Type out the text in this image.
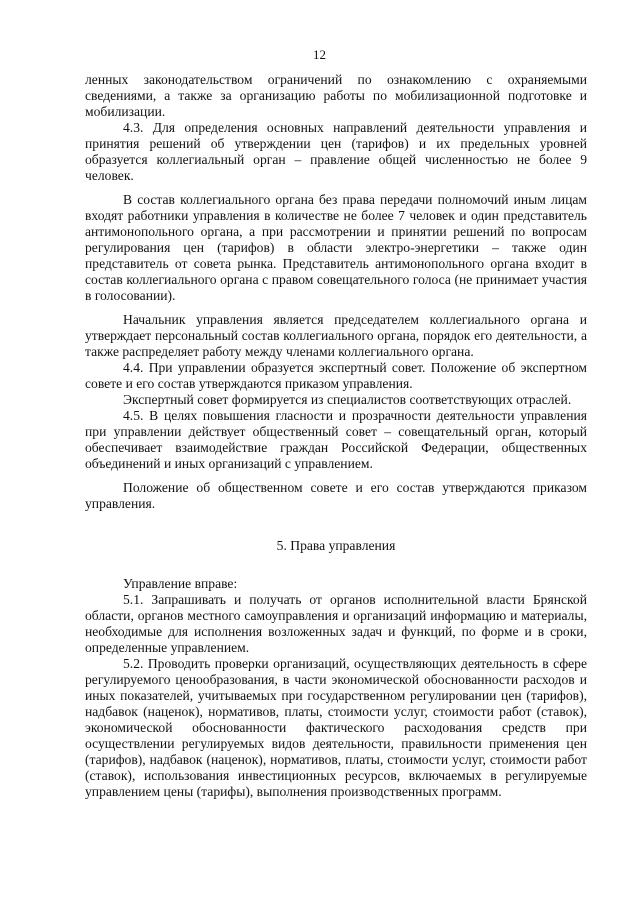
12

ленных законодательством ограничений по ознакомлению с охраняемыми сведениями, а также за организацию работы по мобилизационной подготовке и мобилизации.

4.3. Для определения основных направлений деятельности управления и принятия решений об утверждении цен (тарифов) и их предельных уровней образуется коллегиальный орган – правление общей численностью не более 9 человек.

В состав коллегиального органа без права передачи полномочий иным лицам входят работники управления в количестве не более 7 человек и один представитель антимонопольного органа, а при рассмотрении и принятии решений по вопросам регулирования цен (тарифов) в области электро-энергетики – также один представитель от совета рынка. Представитель антимонопольного органа входит в состав коллегиального органа с правом совещательного голоса (не принимает участия в голосовании).

Начальник управления является председателем коллегиального органа и утверждает персональный состав коллегиального органа, порядок его деятельности, а также распределяет работу между членами коллегиального органа.

4.4. При управлении образуется экспертный совет. Положение об экспертном совете и его состав утверждаются приказом управления.

Экспертный совет формируется из специалистов соответствующих отраслей.

4.5. В целях повышения гласности и прозрачности деятельности управления при управлении действует общественный совет – совещательный орган, который обеспечивает взаимодействие граждан Российской Федерации, общественных объединений и иных организаций с управлением.

Положение об общественном совете и его состав утверждаются приказом управления.

5. Права управления

Управление вправе:

5.1. Запрашивать и получать от органов исполнительной власти Брянской области, органов местного самоуправления и организаций информацию и материалы, необходимые для исполнения возложенных задач и функций, по форме и в сроки, определенные управлением.

5.2. Проводить проверки организаций, осуществляющих деятельность в сфере регулируемого ценообразования, в части экономической обоснованности расходов и иных показателей, учитываемых при государственном регулировании цен (тарифов), надбавок (наценок), нормативов, платы, стоимости услуг, стоимости работ (ставок), экономической обоснованности фактического расходования средств при осуществлении регулируемых видов деятельности, правильности применения цен (тарифов), надбавок (наценок), нормативов, платы, стоимости услуг, стоимости работ (ставок), использования инвестиционных ресурсов, включаемых в регулируемые управлением цены (тарифы), выполнения производственных программ.
